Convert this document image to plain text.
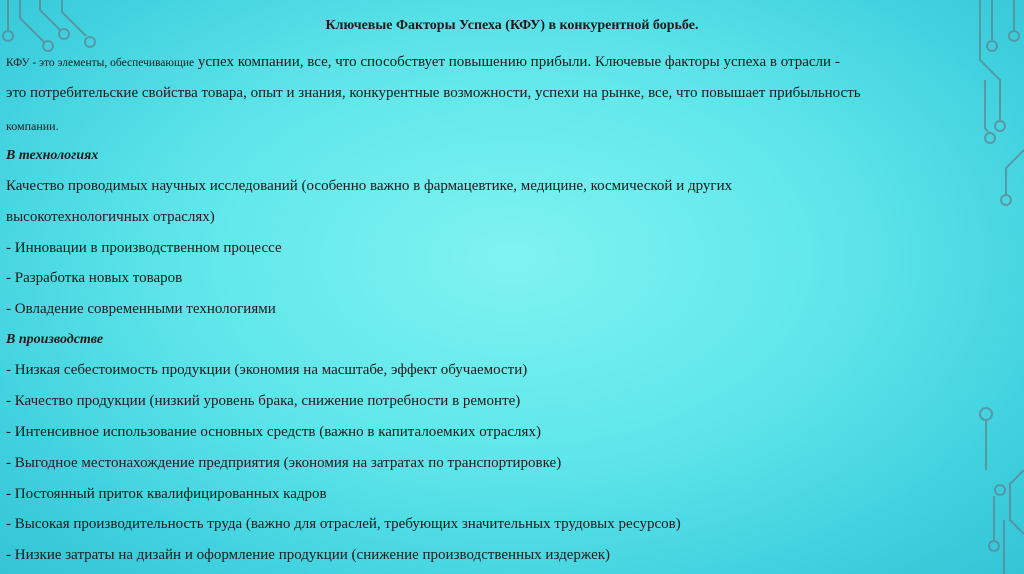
Ключевые Факторы Успеха (КФУ) в конкурентной борьбе.

КФУ - это элементы, обеспечивающие успех компании, все, что способствует повышению прибыли. Ключевые факторы успеха в отрасли -

это потребительские свойства товара, опыт и знания, конкурентные возможности, успехи на рынке, все, что повышает прибыльность

компании.

В технологиях

Качество проводимых научных исследований (особенно важно в фармацевтике, медицине, космической и других

высокотехнологичных отраслях)

- Инновации в производственном процессе

- Разработка новых товаров

- Овладение современными технологиями

В производстве

- Низкая себестоимость продукции (экономия на масштабе, эффект обучаемости)

- Качество продукции (низкий уровень брака, снижение потребности в ремонте)

- Интенсивное использование основных средств (важно в капиталоемких отраслях)

- Выгодное местонахождение предприятия (экономия на затратах по транспортировке)

- Постоянный приток квалифицированных кадров

- Высокая производительность труда (важно для отраслей, требующих значительных трудовых ресурсов)

- Низкие затраты на дизайн и оформление продукции (снижение производственных издержек)
